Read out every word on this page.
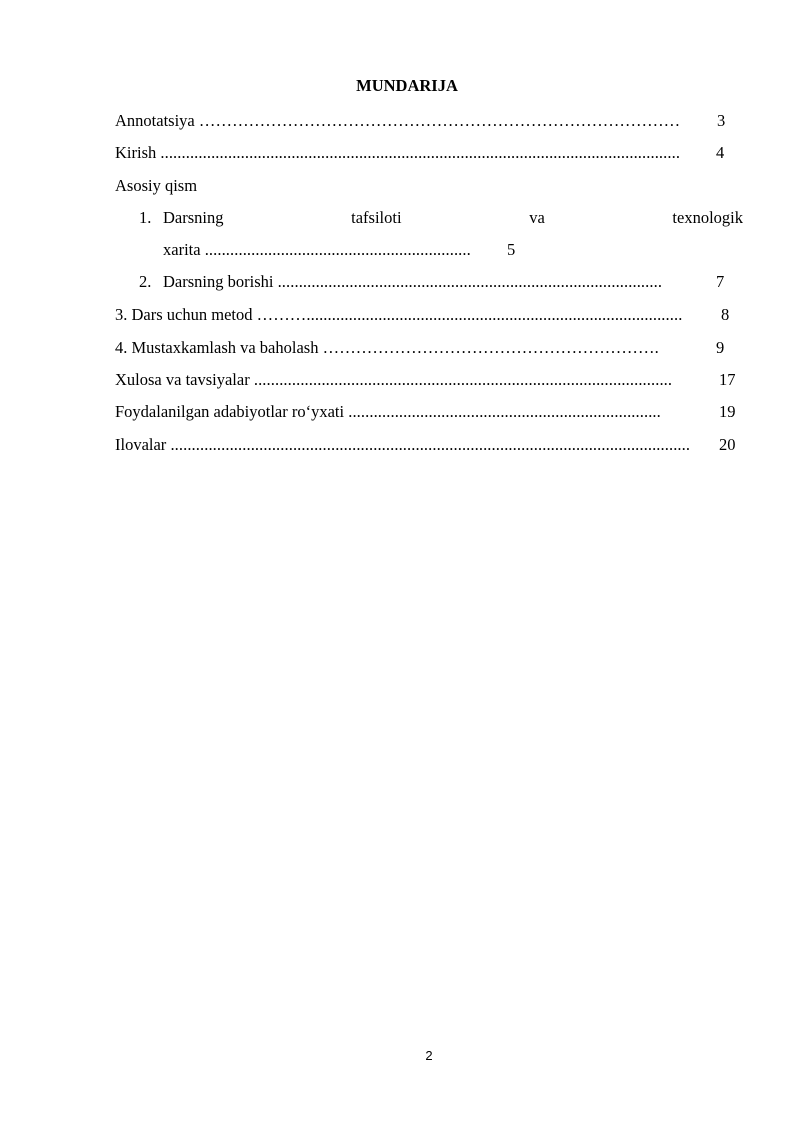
MUNDARIJA
Annotatsiya ……………………………………………………………………………	3
Kirish ...........................................................................................................................	4
Asosiy qism
1. Darsning	tafsiloti	va	texnologik
xarita ...............................................................	5
2. Darsning borishi ...........................................................................................	7
3. Dars uchun metod ……….........................................................................................	8
4. Mustaxkamlash va baholash …………………………………………………….	9
Xulosa va tavsiyalar ...................................................................................................	17
Foydalanilgan adabiyotlar ro‘yxati ..........................................................................	19
Ilovalar ...........................................................................................................................	20
2
